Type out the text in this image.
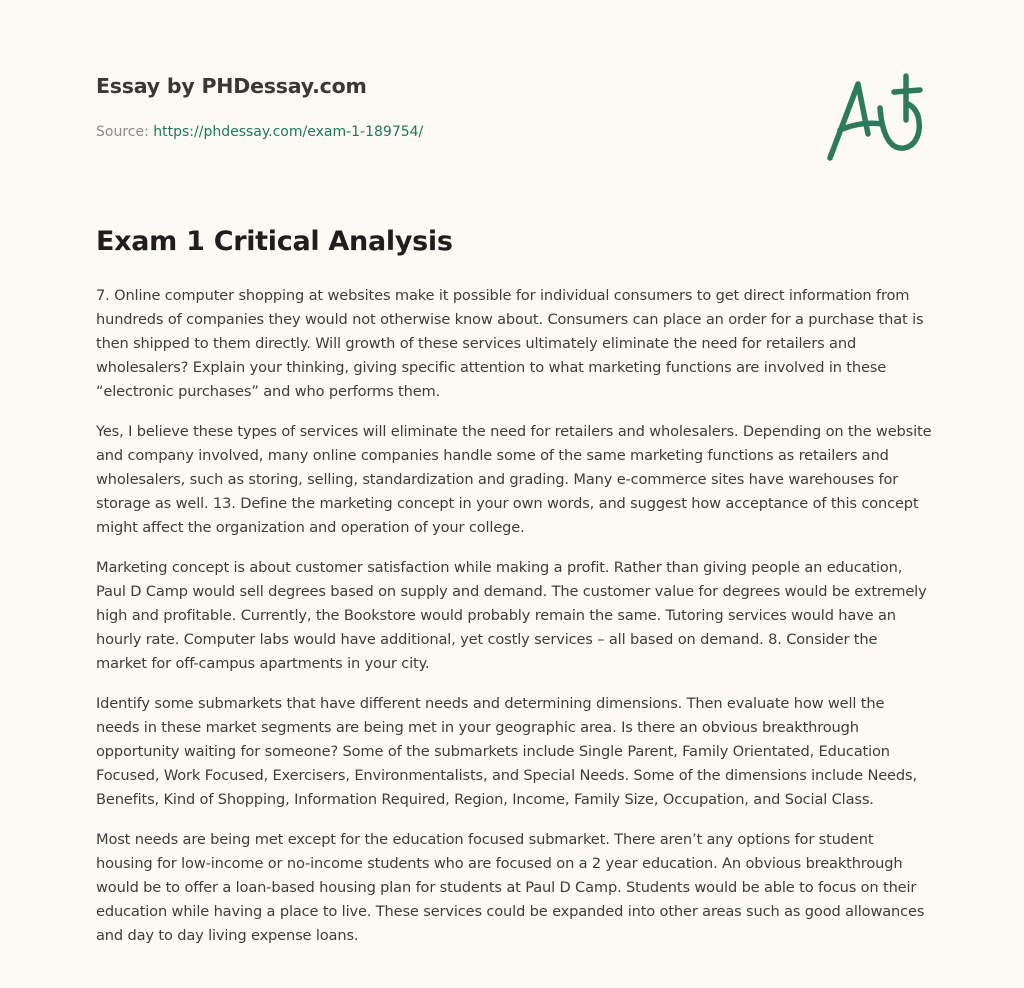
Essay by PHDessay.com
Source: https://phdessay.com/exam-1-189754/
Exam 1 Critical Analysis

7. Online computer shopping at websites make it possible for individual consumers to get direct information from hundreds of companies they would not otherwise know about. Consumers can place an order for a purchase that is then shipped to them directly. Will growth of these services ultimately eliminate the need for retailers and wholesalers? Explain your thinking, giving specific attention to what marketing functions are involved in these “electronic purchases” and who performs them.

Yes, I believe these types of services will eliminate the need for retailers and wholesalers. Depending on the website and company involved, many online companies handle some of the same marketing functions as retailers and wholesalers, such as storing, selling, standardization and grading. Many e-commerce sites have warehouses for storage as well. 13. Define the marketing concept in your own words, and suggest how acceptance of this concept might affect the organization and operation of your college.

Marketing concept is about customer satisfaction while making a profit. Rather than giving people an education, Paul D Camp would sell degrees based on supply and demand. The customer value for degrees would be extremely high and profitable. Currently, the Bookstore would probably remain the same. Tutoring services would have an hourly rate. Computer labs would have additional, yet costly services – all based on demand. 8. Consider the market for off-campus apartments in your city.

Identify some submarkets that have different needs and determining dimensions. Then evaluate how well the needs in these market segments are being met in your geographic area. Is there an obvious breakthrough opportunity waiting for someone? Some of the submarkets include Single Parent, Family Orientated, Education Focused, Work Focused, Exercisers, Environmentalists, and Special Needs. Some of the dimensions include Needs, Benefits, Kind of Shopping, Information Required, Region, Income, Family Size, Occupation, and Social Class.

Most needs are being met except for the education focused submarket. There aren’t any options for student housing for low-income or no-income students who are focused on a 2 year education. An obvious breakthrough would be to offer a loan-based housing plan for students at Paul D Camp. Students would be able to focus on their education while having a place to live. These services could be expanded into other areas such as good allowances and day to day living expense loans.
